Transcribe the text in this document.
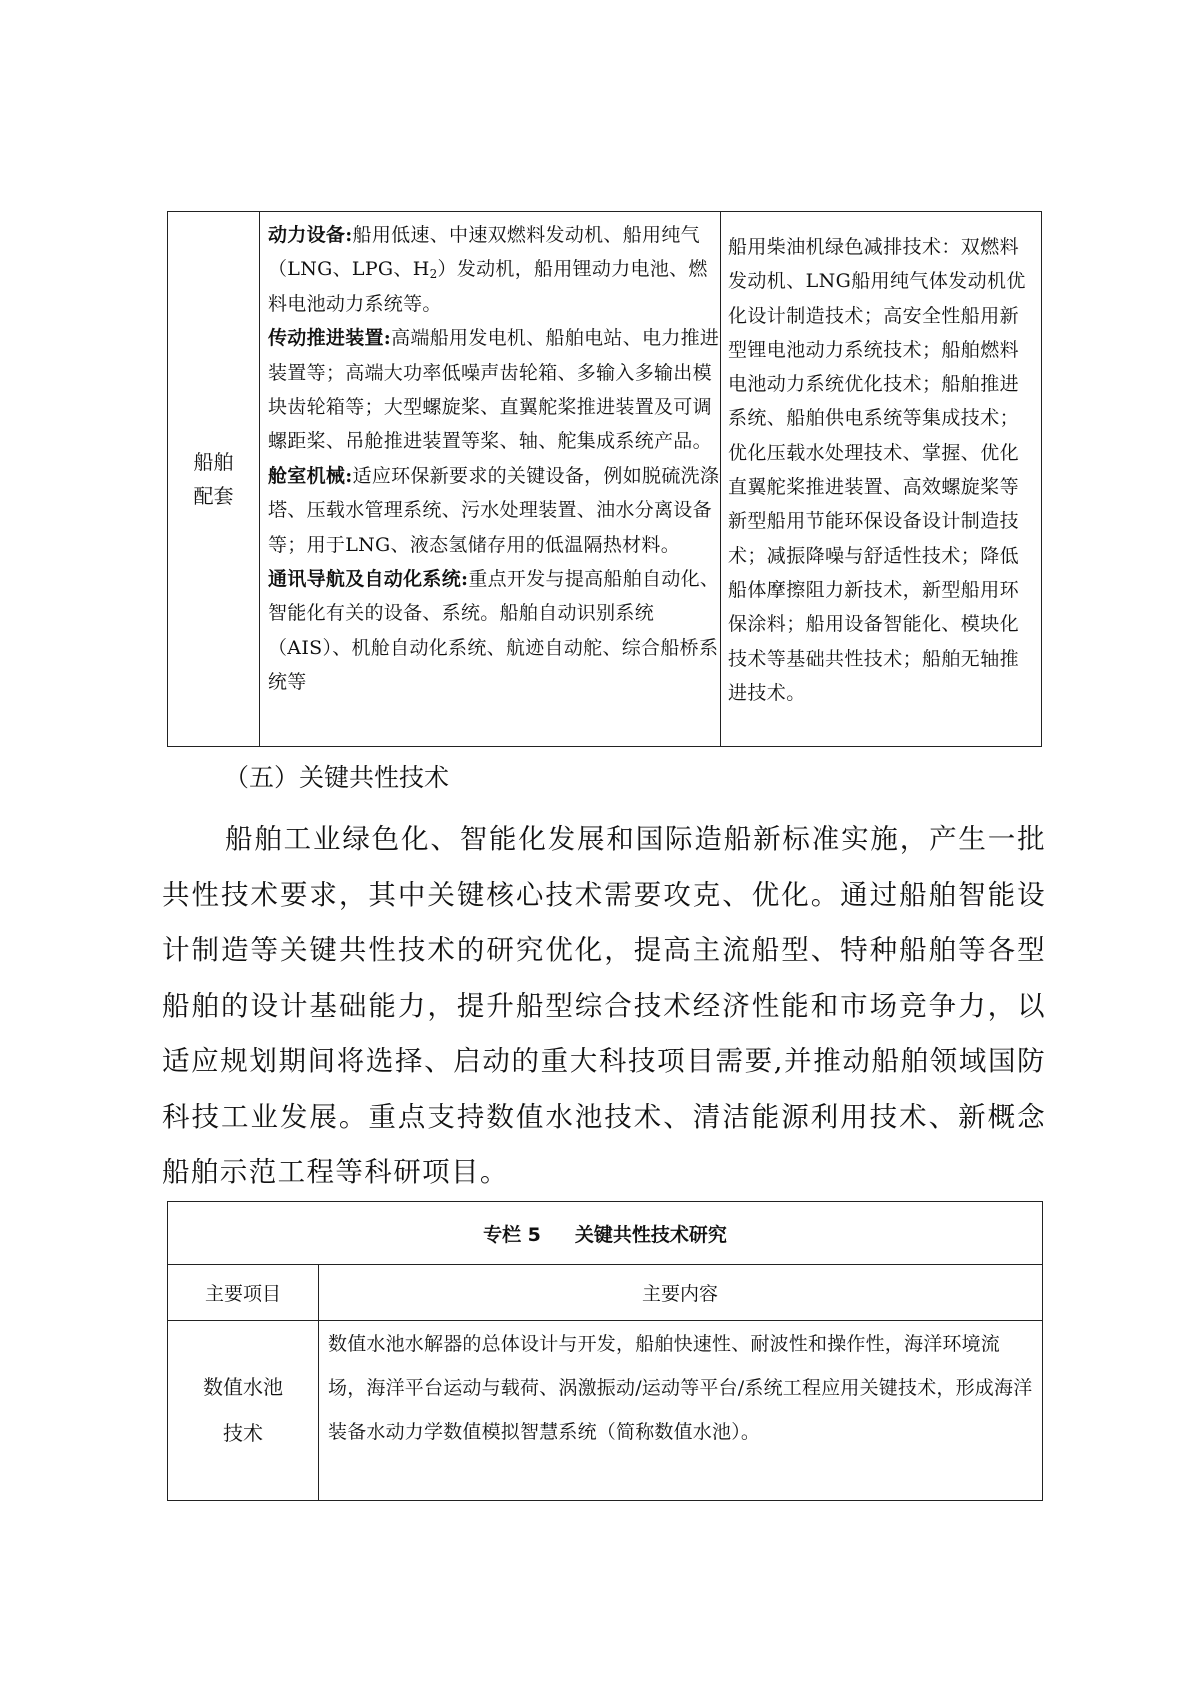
船舶
配套

动力设备:船用低速、中速双燃料发动机、船用纯气（LNG、LPG、$H_2$）发动机，船用锂动力电池、燃料电池动力系统等。

传动推进装置:高端船用发电机、船舶电站、电力推进装置等；高端大功率低噪声齿轮箱、多输入多输出模块齿轮箱等；大型螺旋桨、直翼舵桨推进装置及可调螺距桨、吊舱推进装置等桨、轴、舵集成系统产品。

舱室机械:适应环保新要求的关键设备，例如脱硫洗涤塔、压载水管理系统、污水处理装置、油水分离设备等；用于LNG、液态氢储存用的低温隔热材料。

通讯导航及自动化系统:重点开发与提高船舶自动化、智能化有关的设备、系统。船舶自动识别系统（AIS）、机舱自动化系统、航迹自动舵、综合船桥系统等

船用柴油机绿色减排技术：双燃料发动机、LNG船用纯气体发动机优化设计制造技术；高安全性船用新型锂电池动力系统技术；船舶燃料电池动力系统优化技术；船舶推进系统、船舶供电系统等集成技术；优化压载水处理技术、掌握、优化直翼舵桨推进装置、高效螺旋桨等新型船用节能环保设备设计制造技术；减振降噪与舒适性技术；降低船体摩擦阻力新技术，新型船用环保涂料；船用设备智能化、模块化技术等基础共性技术；船舶无轴推进技术。
（五）关键共性技术
船舶工业绿色化、智能化发展和国际造船新标准实施，产生一批共性技术要求，其中关键核心技术需要攻克、优化。通过船舶智能设计制造等关键共性技术的研究优化，提高主流船型、特种船舶等各型船舶的设计基础能力，提升船型综合技术经济性能和市场竞争力，以适应规划期间将选择、启动的重大科技项目需要,并推动船舶领域国防科技工业发展。重点支持数值水池技术、清洁能源利用技术、新概念船舶示范工程等科研项目。
专栏 5 关键共性技术研究
主要项目	主要内容
数值水池
技术
数值水池水解器的总体设计与开发，船舶快速性、耐波性和操作性，海洋环境流场，海洋平台运动与载荷、涡激振动/运动等平台/系统工程应用关键技术，形成海洋装备水动力学数值模拟智慧系统（简称数值水池）。
